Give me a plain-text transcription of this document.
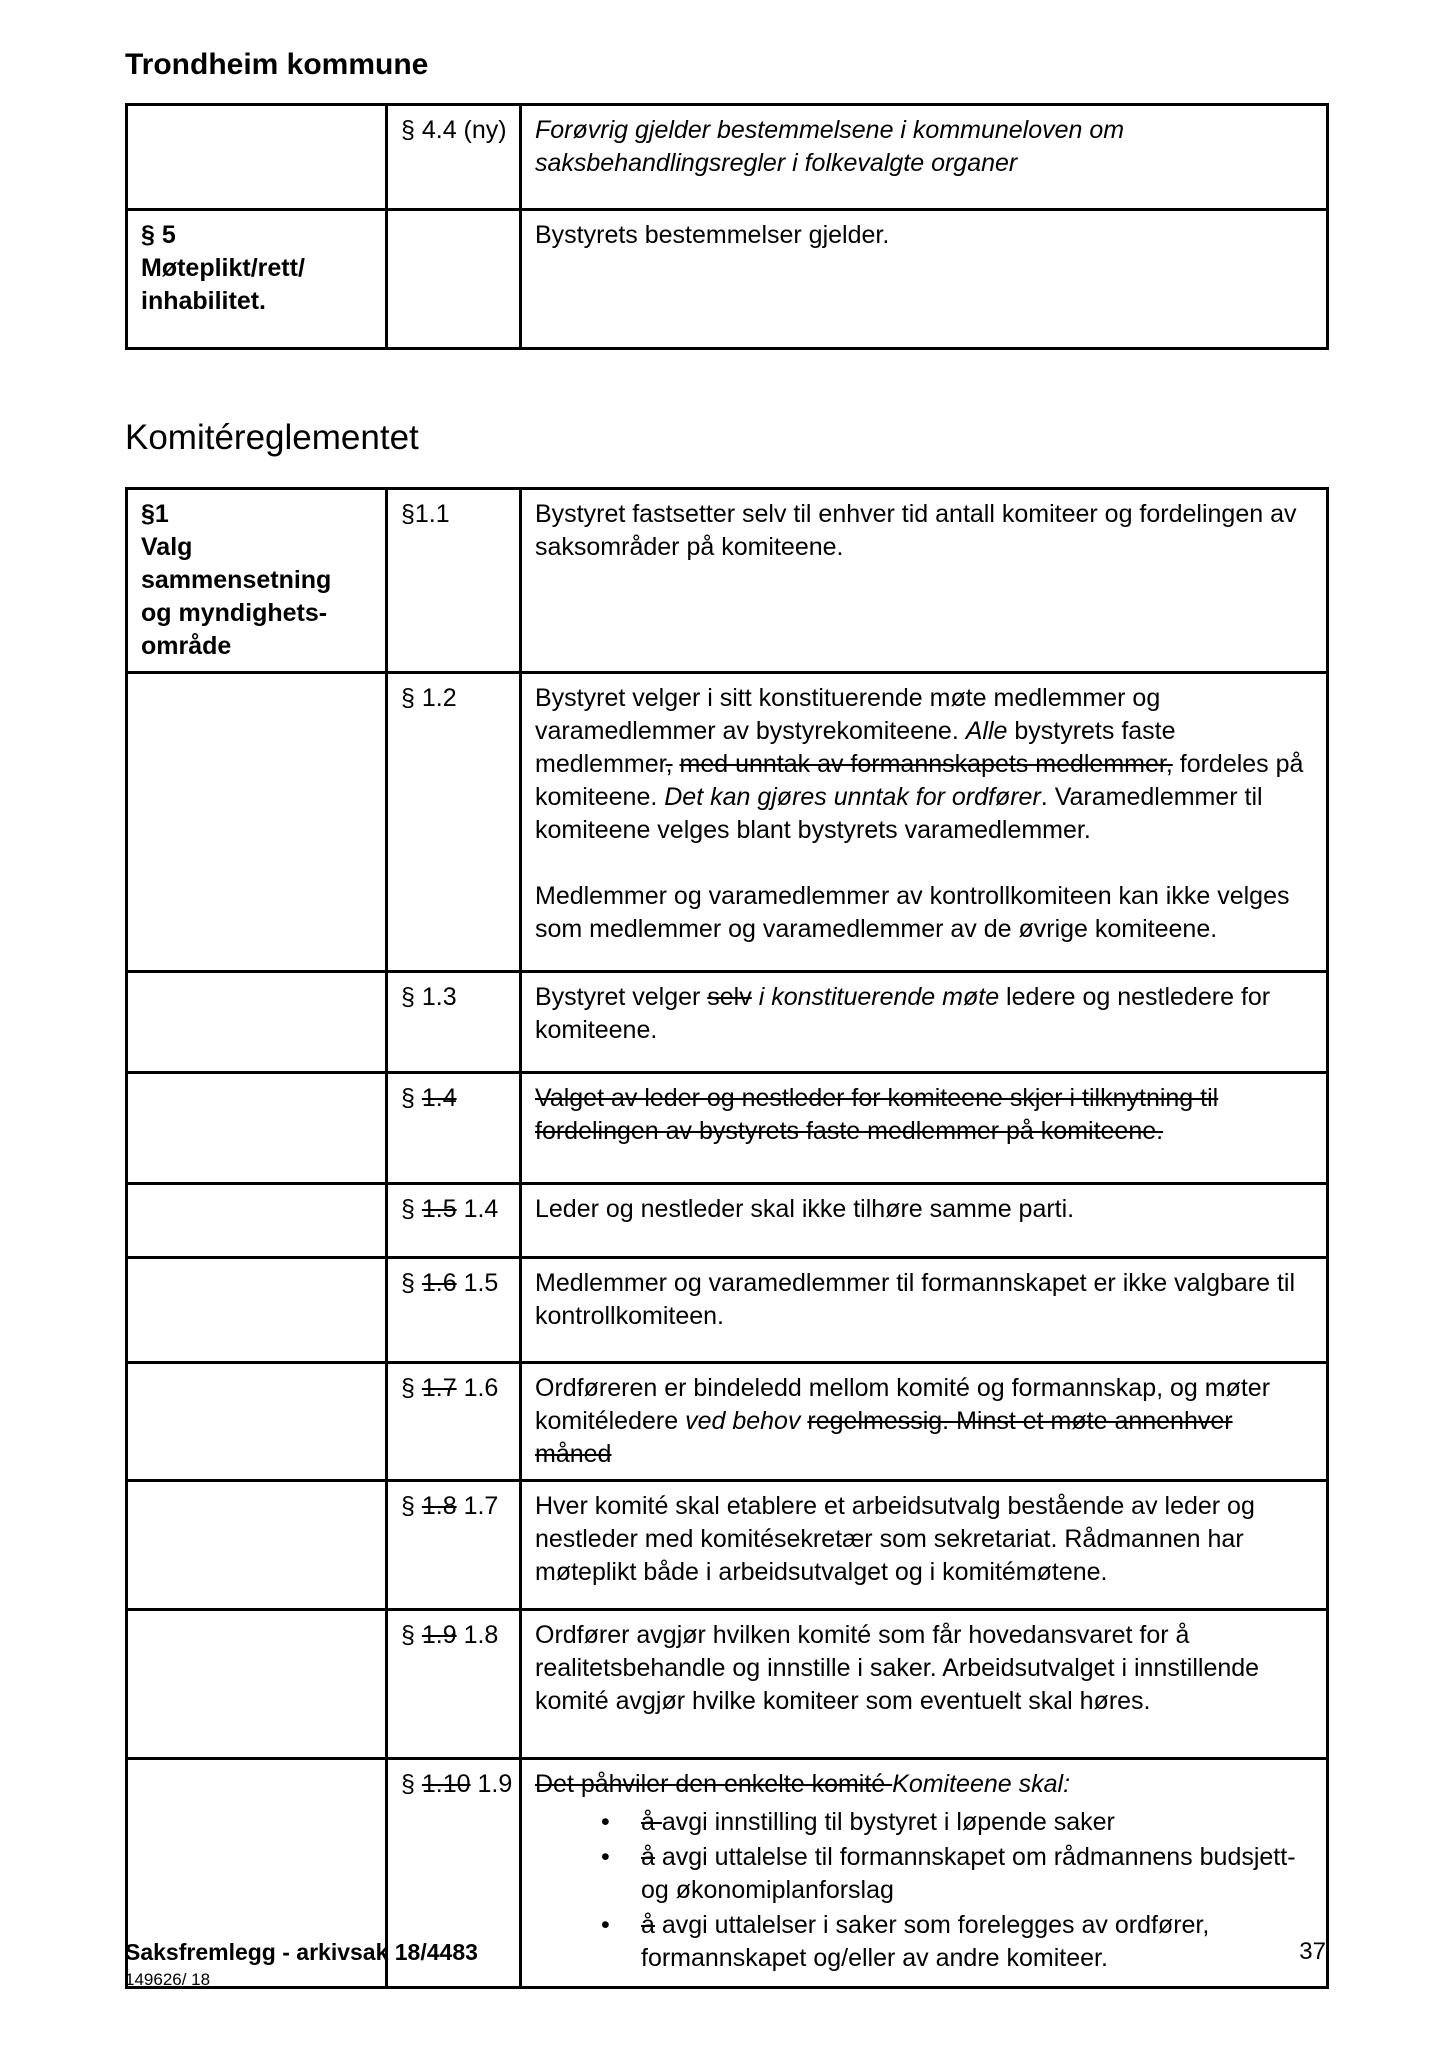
Trondheim kommune
	§ 4.4 (ny)	Forøvrig gjelder bestemmelsene i kommuneloven om saksbehandlingsregler i folkevalgte organer

§ 5
Møteplikt/rett/
inhabilitet.		Bystyrets bestemmelser gjelder.
Komitéreglementet
§1
Valg sammensetning
og myndighets-
område	§1.1	Bystyret fastsetter selv til enhver tid antall komiteer og fordelingen av saksområder på komiteene.

	§ 1.2	Bystyret velger i sitt konstituerende møte medlemmer og varamedlemmer av bystyrekomiteene. Alle bystyrets faste medlemmer, med unntak av formannskapets medlemmer, fordeles på komiteene. Det kan gjøres unntak for ordfører. Varamedlemmer til komiteene velges blant bystyrets varamedlemmer.
Medlemmer og varamedlemmer av kontrollkomiteen kan ikke velges som medlemmer og varamedlemmer av de øvrige komiteene.

	§ 1.3	Bystyret velger selv i konstituerende møte ledere og nestledere for komiteene.

	§ 1.4	Valget av leder og nestleder for komiteene skjer i tilknytning til fordelingen av bystyrets faste medlemmer på komiteene.

	§ 1.5 1.4	Leder og nestleder skal ikke tilhøre samme parti.

	§ 1.6 1.5	Medlemmer og varamedlemmer til formannskapet er ikke valgbare til kontrollkomiteen.

	§ 1.7 1.6	Ordføreren er bindeledd mellom komité og formannskap, og møter komitéledere ved behov regelmessig. Minst et møte annenhver måned

	§ 1.8 1.7	Hver komité skal etablere et arbeidsutvalg bestående av leder og nestleder med komitésekretær som sekretariat. Rådmannen har møteplikt både i arbeidsutvalget og i komitémøtene.

	§ 1.9 1.8	Ordfører avgjør hvilken komité som får hovedansvaret for å realitetsbehandle og innstille i saker. Arbeidsutvalget i innstillende komité avgjør hvilke komiteer som eventuelt skal høres.

	§ 1.10 1.9	Det påhviler den enkelte komité Komiteene skal:
• å avgi innstilling til bystyret i løpende saker
• å avgi uttalelse til formannskapet om rådmannens budsjett- og økonomiplanforslag
• å avgi uttalelser i saker som forelegges av ordfører, formannskapet og/eller av andre komiteer.
Saksfremlegg - arkivsak 18/4483
149626/ 18
37
